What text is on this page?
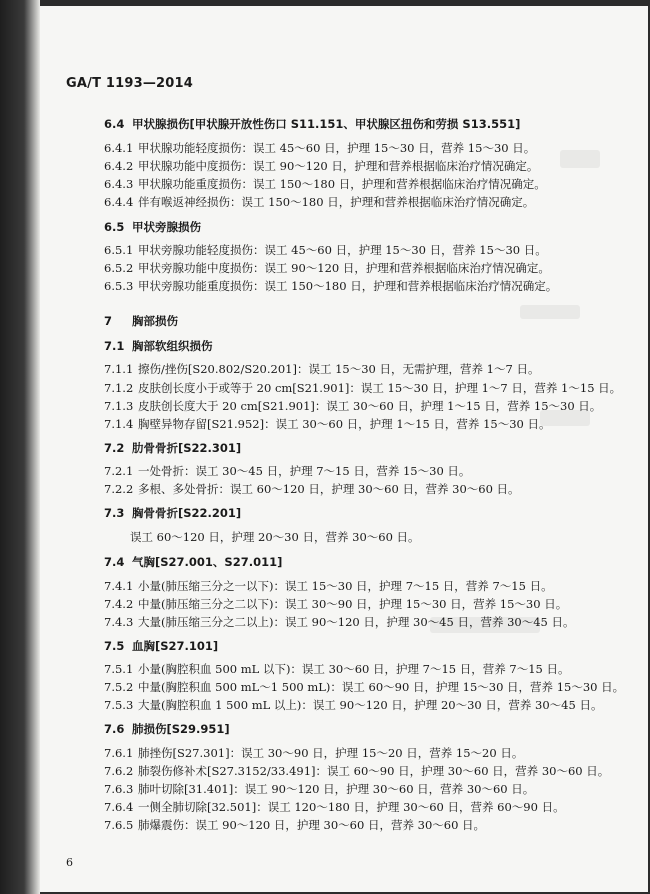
GA/T 1193—2014
6.4 甲状腺损伤[甲状腺开放性伤口 S11.151、甲状腺区扭伤和劳损 S13.551]
6.4.1 甲状腺功能轻度损伤：误工 45～60 日，护理 15～30 日，营养 15～30 日。
6.4.2 甲状腺功能中度损伤：误工 90～120 日，护理和营养根据临床治疗情况确定。
6.4.3 甲状腺功能重度损伤：误工 150～180 日，护理和营养根据临床治疗情况确定。
6.4.4 伴有喉返神经损伤：误工 150～180 日，护理和营养根据临床治疗情况确定。
6.5 甲状旁腺损伤
6.5.1 甲状旁腺功能轻度损伤：误工 45～60 日，护理 15～30 日，营养 15～30 日。
6.5.2 甲状旁腺功能中度损伤：误工 90～120 日，护理和营养根据临床治疗情况确定。
6.5.3 甲状旁腺功能重度损伤：误工 150～180 日，护理和营养根据临床治疗情况确定。
7 胸部损伤
7.1 胸部软组织损伤
7.1.1 擦伤/挫伤[S20.802/S20.201]：误工 15～30 日，无需护理，营养 1～7 日。
7.1.2 皮肤创长度小于或等于 20 cm[S21.901]：误工 15～30 日，护理 1～7 日，营养 1～15 日。
7.1.3 皮肤创长度大于 20 cm[S21.901]：误工 30～60 日，护理 1～15 日，营养 15～30 日。
7.1.4 胸壁异物存留[S21.952]：误工 30～60 日，护理 1～15 日，营养 15～30 日。
7.2 肋骨骨折[S22.301]
7.2.1 一处骨折：误工 30～45 日，护理 7～15 日，营养 15～30 日。
7.2.2 多根、多处骨折：误工 60～120 日，护理 30～60 日，营养 30～60 日。
7.3 胸骨骨折[S22.201]
误工 60～120 日，护理 20～30 日，营养 30～60 日。
7.4 气胸[S27.001、S27.011]
7.4.1 小量(肺压缩三分之一以下)：误工 15～30 日，护理 7～15 日，营养 7～15 日。
7.4.2 中量(肺压缩三分之二以下)：误工 30～90 日，护理 15～30 日，营养 15～30 日。
7.4.3 大量(肺压缩三分之二以上)：误工 90～120 日，护理 30～45 日，营养 30～45 日。
7.5 血胸[S27.101]
7.5.1 小量(胸腔积血 500 mL 以下)：误工 30～60 日，护理 7～15 日，营养 7～15 日。
7.5.2 中量(胸腔积血 500 mL～1 500 mL)：误工 60～90 日，护理 15～30 日，营养 15～30 日。
7.5.3 大量(胸腔积血 1 500 mL 以上)：误工 90～120 日，护理 20～30 日，营养 30～45 日。
7.6 肺损伤[S29.951]
7.6.1 肺挫伤[S27.301]：误工 30～90 日，护理 15～20 日，营养 15～20 日。
7.6.2 肺裂伤修补术[S27.3152/33.491]：误工 60～90 日，护理 30～60 日，营养 30～60 日。
7.6.3 肺叶切除[31.401]：误工 90～120 日，护理 30～60 日，营养 30～60 日。
7.6.4 一侧全肺切除[32.501]：误工 120～180 日，护理 30～60 日，营养 60～90 日。
7.6.5 肺爆震伤：误工 90～120 日，护理 30～60 日，营养 30～60 日。
6
